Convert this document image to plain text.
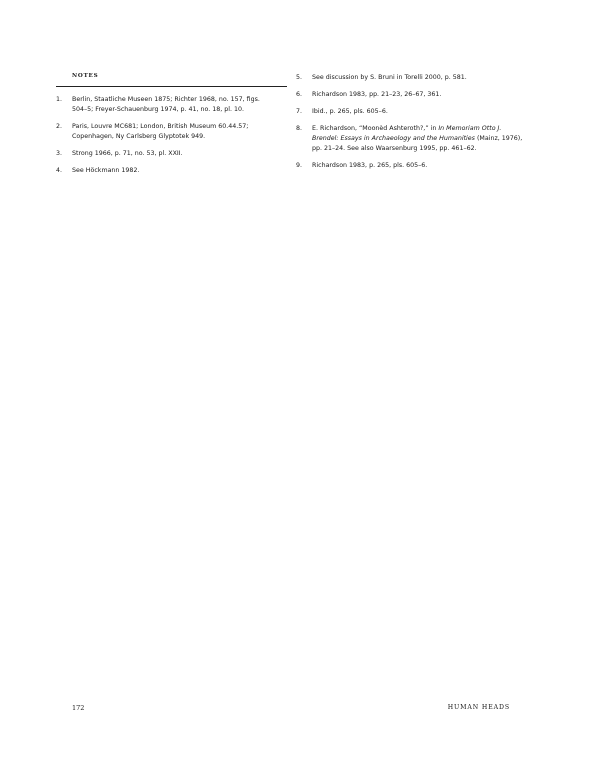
NOTES
1. Berlin, Staatliche Museen 1875; Richter 1968, no. 157, figs. 504–5; Freyer-Schauenburg 1974, p. 41, no. 18, pl. 10.
2. Paris, Louvre MC681; London, British Museum 60.44.57; Copenhagen, Ny Carlsberg Glyptotek 949.
3. Strong 1966, p. 71, no. 53, pl. XXII.
4. See Höckmann 1982.
5. See discussion by S. Bruni in Torelli 2000, p. 581.
6. Richardson 1983, pp. 21–23, 26–67, 361.
7. Ibid., p. 265, pls. 605–6.
8. E. Richardson, “Moonèd Ashteroth?,” in In Memoriam Otto J. Brendel: Essays in Archaeology and the Humanities (Mainz, 1976), pp. 21–24. See also Waarsenburg 1995, pp. 461–62.
9. Richardson 1983, p. 265, pls. 605–6.
172	HUMAN HEADS
